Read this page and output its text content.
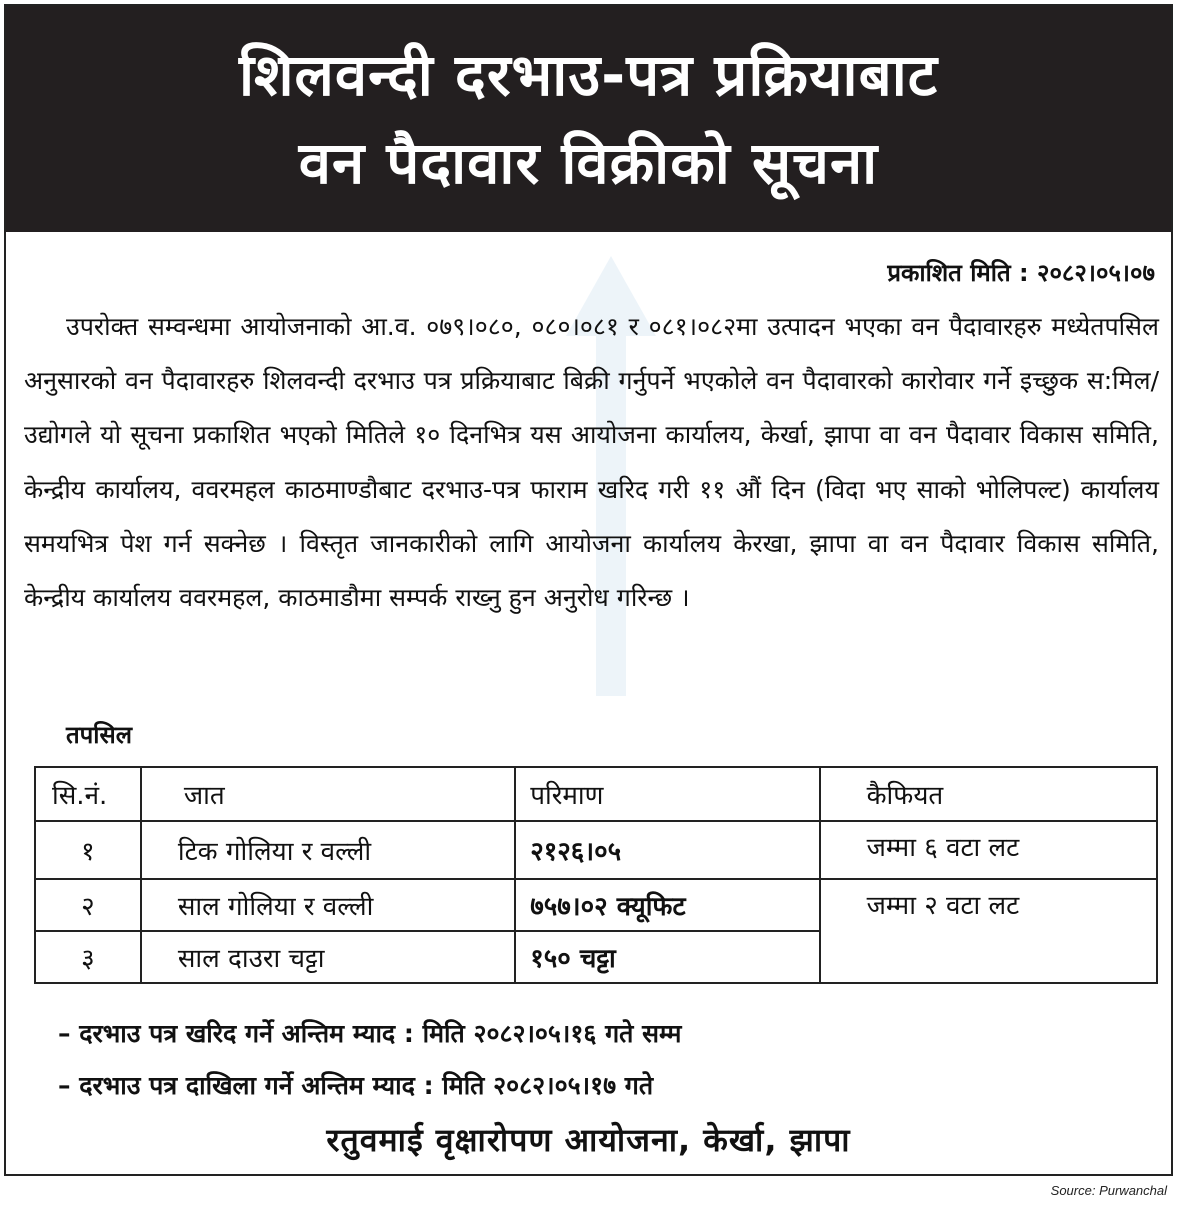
शिलवन्दी दरभाउ-पत्र प्रक्रियाबाट
वन पैदावार विक्रीको सूचना
प्रकाशित मिति : २०८२।०५।०७

उपरोक्त सम्वन्धमा आयोजनाको आ.व. ०७९।०८०, ०८०।०८१ र ०८१।०८२मा उत्पादन भएका वन पैदावारहरु मध्येतपसिल अनुसारको वन पैदावारहरु शिलवन्दी दरभाउ पत्र प्रक्रियाबाट बिक्री गर्नुपर्ने भएकोले वन पैदावारको कारोवार गर्ने इच्छुक स:मिल/उद्योगले यो सूचना प्रकाशित भएको मितिले १० दिनभित्र यस आयोजना कार्यालय, केर्खा, झापा वा वन पैदावार विकास समिति, केन्द्रीय कार्यालय, ववरमहल काठमाण्डौबाट दरभाउ-पत्र फाराम खरिद गरी ११ औं दिन (विदा भए साको भोलिपल्ट) कार्यालय समयभित्र पेश गर्न सक्नेछ । विस्तृत जानकारीको लागि आयोजना कार्यालय केरखा, झापा वा वन पैदावार विकास समिति, केन्द्रीय कार्यालय ववरमहल, काठमाडौमा सम्पर्क राख्नु हुन अनुरोध गरिन्छ ।

तपसिल
सि.नं.	जात	परिमाण	कैफियत
१	टिक गोलिया र वल्ली	२१२६।०५	जम्मा ६ वटा लट
२	साल गोलिया र वल्ली	७५७।०२ क्यूफिट	जम्मा २ वटा लट
३	साल दाउरा चट्टा	१५० चट्टा	
– दरभाउ पत्र खरिद गर्ने अन्तिम म्याद : मिति २०८२।०५।१६ गते सम्म
– दरभाउ पत्र दाखिला गर्ने अन्तिम म्याद : मिति २०८२।०५।१७ गते
रतुवमाई वृक्षारोपण आयोजना, केर्खा, झापा
Source: Purwanchal
